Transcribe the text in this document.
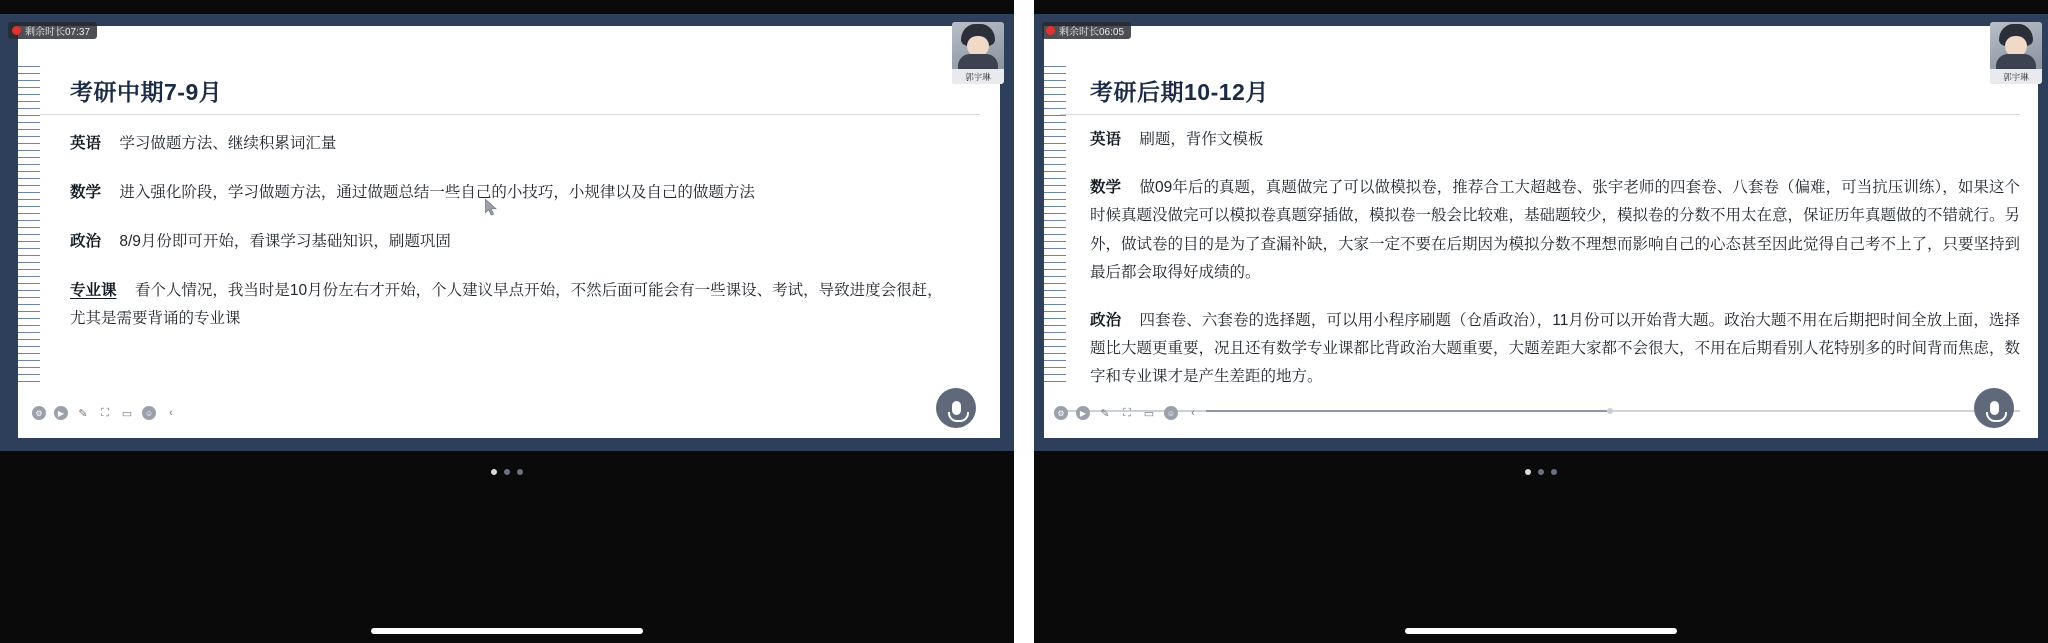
考研中期7-9月
英语 学习做题方法、继续积累词汇量
数学 进入强化阶段，学习做题方法，通过做题总结一些自己的小技巧，小规律以及自己的做题方法
政治 8/9月份即可开始，看课学习基础知识，刷题巩固
专业课 看个人情况，我当时是10月份左右才开始，个人建议早点开始，不然后面可能会有一些课设、考试，导致进度会很赶，尤其是需要背诵的专业课
⚙	▶	✎ ⛶ ▭	☺	‹
剩余时长07:37
郭宇琳
考研后期10-12月
英语 刷题，背作文模板
数学 做09年后的真题，真题做完了可以做模拟卷，推荐合工大超越卷、张宇老师的四套卷、八套卷（偏难，可当抗压训练），如果这个时候真题没做完可以模拟卷真题穿插做，模拟卷一般会比较难，基础题较少，模拟卷的分数不用太在意，保证历年真题做的不错就行。另外，做试卷的目的是为了查漏补缺，大家一定不要在后期因为模拟分数不理想而影响自己的心态甚至因此觉得自己考不上了，只要坚持到最后都会取得好成绩的。
政治 四套卷、六套卷的选择题，可以用小程序刷题（仓盾政治），11月份可以开始背大题。政治大题不用在后期把时间全放上面，选择题比大题更重要，况且还有数学专业课都比背政治大题重要，大题差距大家都不会很大，不用在后期看别人花特别多的时间背而焦虑，数字和专业课才是产生差距的地方。
⚙	▶	✎ ⛶ ▭	☺	‹
剩余时长06:05
郭宇琳
